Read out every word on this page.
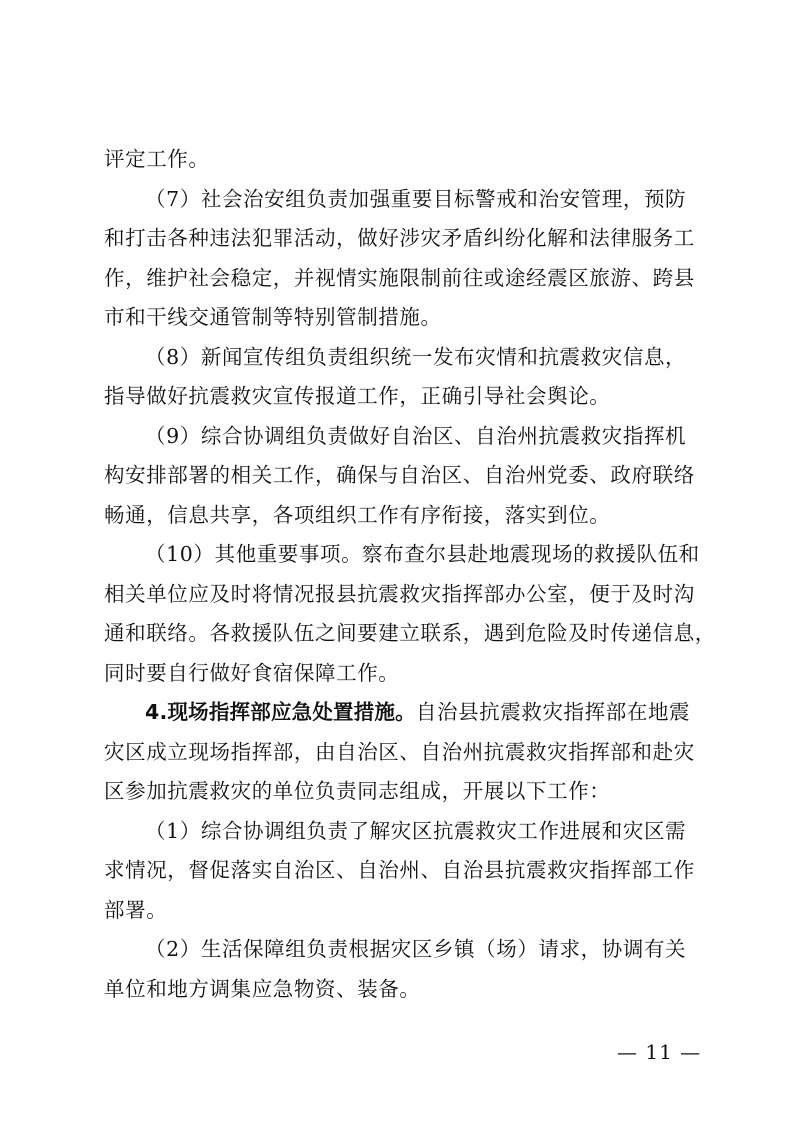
评定工作。
（7）社会治安组负责加强重要目标警戒和治安管理，预防
和打击各种违法犯罪活动，做好涉灾矛盾纠纷化解和法律服务工
作，维护社会稳定，并视情实施限制前往或途经震区旅游、跨县
市和干线交通管制等特别管制措施。
（8）新闻宣传组负责组织统一发布灾情和抗震救灾信息，
指导做好抗震救灾宣传报道工作，正确引导社会舆论。
（9）综合协调组负责做好自治区、自治州抗震救灾指挥机
构安排部署的相关工作，确保与自治区、自治州党委、政府联络
畅通，信息共享，各项组织工作有序衔接，落实到位。
（10）其他重要事项。察布查尔县赴地震现场的救援队伍和
相关单位应及时将情况报县抗震救灾指挥部办公室，便于及时沟
通和联络。各救援队伍之间要建立联系，遇到危险及时传递信息，
同时要自行做好食宿保障工作。
4.现场指挥部应急处置措施。自治县抗震救灾指挥部在地震
灾区成立现场指挥部，由自治区、自治州抗震救灾指挥部和赴灾
区参加抗震救灾的单位负责同志组成，开展以下工作：
（1）综合协调组负责了解灾区抗震救灾工作进展和灾区需
求情况，督促落实自治区、自治州、自治县抗震救灾指挥部工作
部署。
（2）生活保障组负责根据灾区乡镇（场）请求，协调有关
单位和地方调集应急物资、装备。
— 11 —
